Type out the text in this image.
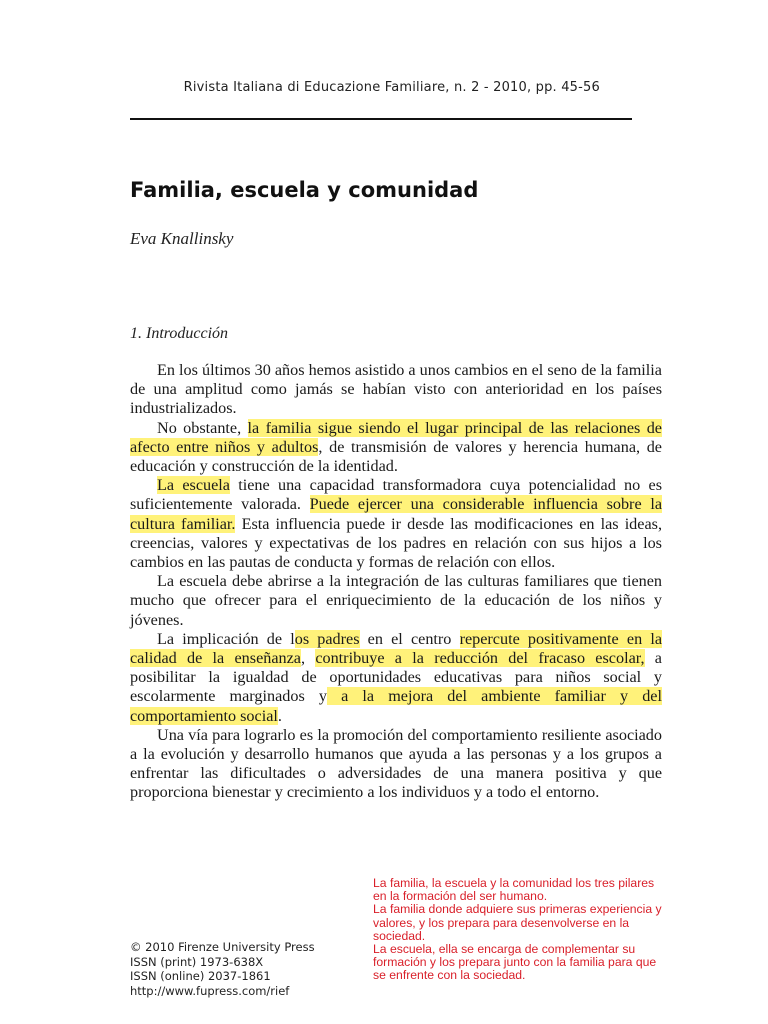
Rivista Italiana di Educazione Familiare, n. 2 - 2010, pp. 45-56
Familia, escuela y comunidad
Eva Knallinsky
1. Introducción

En los últimos 30 años hemos asistido a unos cambios en el seno de la familia de una amplitud como jamás se habían visto con anterioridad en los países industrializados.

No obstante, la familia sigue siendo el lugar principal de las relaciones de afecto entre niños y adultos, de transmisión de valores y herencia humana, de educación y construcción de la identidad.

La escuela tiene una capacidad transformadora cuya potencialidad no es suficientemente valorada. Puede ejercer una considerable influencia sobre la cultura familiar. Esta influencia puede ir desde las modificaciones en las ideas, creencias, valores y expectativas de los padres en relación con sus hijos a los cambios en las pautas de conducta y formas de relación con ellos.

La escuela debe abrirse a la integración de las culturas familiares que tienen mucho que ofrecer para el enriquecimiento de la educación de los niños y jóvenes.

La implicación de los padres en el centro repercute positivamente en la calidad de la enseñanza, contribuye a la reducción del fracaso escolar, a posibilitar la igualdad de oportunidades educativas para niños social y escolarmente marginados y a la mejora del ambiente familiar y del comportamiento social.

Una vía para lograrlo es la promoción del comportamiento resiliente asociado a la evolución y desarrollo humanos que ayuda a las personas y a los grupos a enfrentar las dificultades o adversidades de una manera positiva y que proporciona bienestar y crecimiento a los individuos y a todo el entorno.

© 2010 Firenze University Press
ISSN (print) 1973-638X
ISSN (online) 2037-1861
http://www.fupress.com/rief
La familia, la escuela y la comunidad los tres pilares en la formación del ser humano.
La familia donde adquiere sus primeras experiencia y valores, y los prepara para desenvolverse en la sociedad.
La escuela, ella se encarga de complementar su formación y los prepara junto con la familia para que se enfrente con la sociedad.
